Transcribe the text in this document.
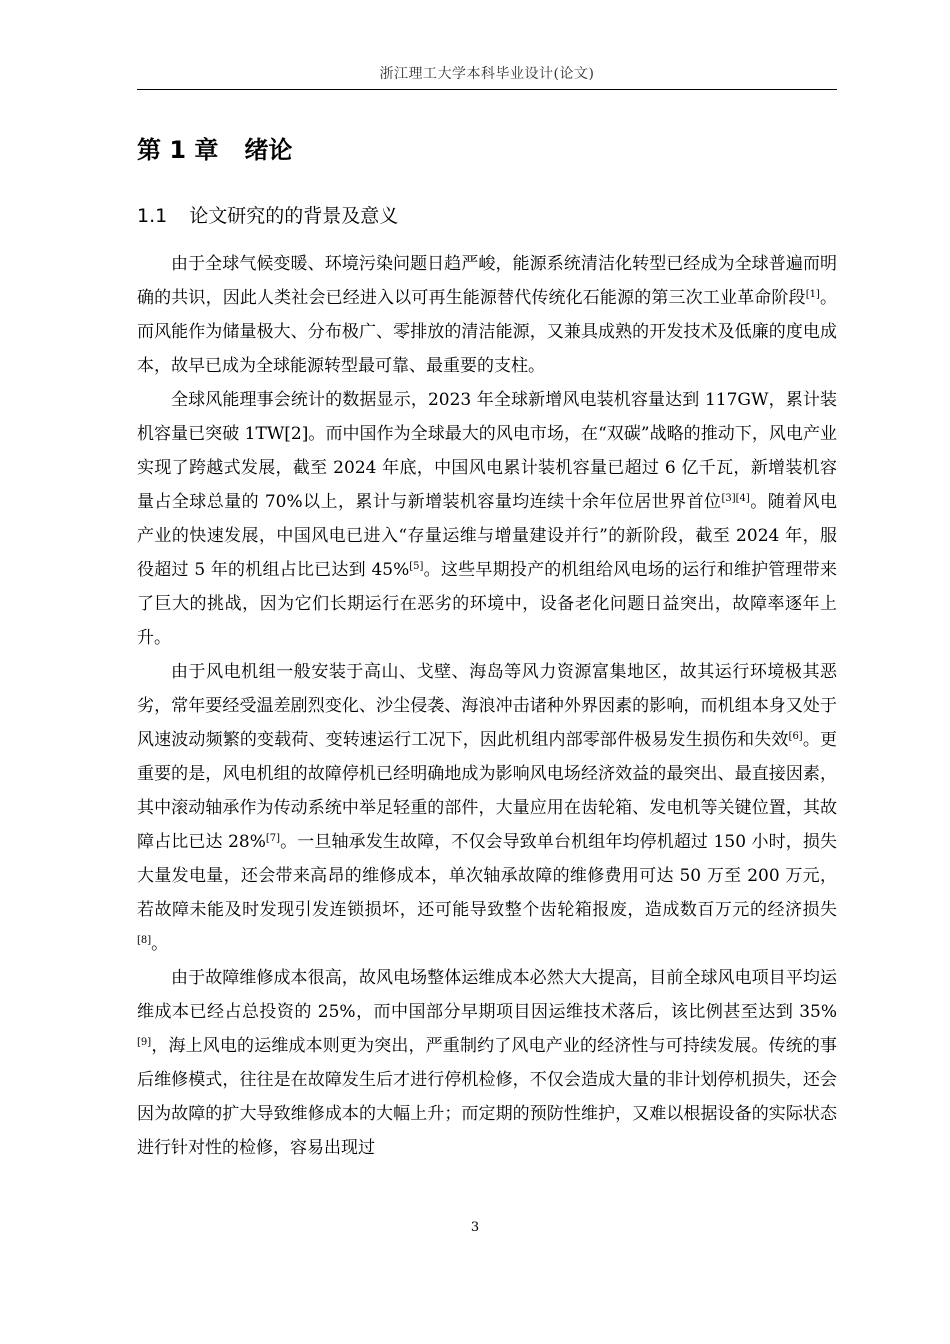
浙江理工大学本科毕业设计(论文)
第 1 章 绪论
1.1 论文研究的的背景及意义

由于全球气候变暖、环境污染问题日趋严峻，能源系统清洁化转型已经成为全球普遍而明确的共识，因此人类社会已经进入以可再生能源替代传统化石能源的第三次工业革命阶段[1]。而风能作为储量极大、分布极广、零排放的清洁能源，又兼具成熟的开发技术及低廉的度电成本，故早已成为全球能源转型最可靠、最重要的支柱。

全球风能理事会统计的数据显示，2023 年全球新增风电装机容量达到 117GW，累计装机容量已突破 1TW[2]。而中国作为全球最大的风电市场，在“双碳”战略的推动下，风电产业实现了跨越式发展，截至 2024 年底，中国风电累计装机容量已超过 6 亿千瓦，新增装机容量占全球总量的 70%以上，累计与新增装机容量均连续十余年位居世界首位[3][4]。随着风电产业的快速发展，中国风电已进入“存量运维与增量建设并行”的新阶段，截至 2024 年，服役超过 5 年的机组占比已达到 45%[5]。这些早期投产的机组给风电场的运行和维护管理带来了巨大的挑战，因为它们长期运行在恶劣的环境中，设备老化问题日益突出，故障率逐年上升。

由于风电机组一般安装于高山、戈壁、海岛等风力资源富集地区，故其运行环境极其恶劣，常年要经受温差剧烈变化、沙尘侵袭、海浪冲击诸种外界因素的影响，而机组本身又处于风速波动频繁的变载荷、变转速运行工况下，因此机组内部零部件极易发生损伤和失效[6]。更重要的是，风电机组的故障停机已经明确地成为影响风电场经济效益的最突出、最直接因素，其中滚动轴承作为传动系统中举足轻重的部件，大量应用在齿轮箱、发电机等关键位置，其故障占比已达 28%[7]。一旦轴承发生故障，不仅会导致单台机组年均停机超过 150 小时，损失大量发电量，还会带来高昂的维修成本，单次轴承故障的维修费用可达 50 万至 200 万元，若故障未能及时发现引发连锁损坏，还可能导致整个齿轮箱报废，造成数百万元的经济损失[8]。

由于故障维修成本很高，故风电场整体运维成本必然大大提高，目前全球风电项目平均运维成本已经占总投资的 25%，而中国部分早期项目因运维技术落后，该比例甚至达到 35%[9]，海上风电的运维成本则更为突出，严重制约了风电产业的经济性与可持续发展。传统的事后维修模式，往往是在故障发生后才进行停机检修，不仅会造成大量的非计划停机损失，还会因为故障的扩大导致维修成本的大幅上升；而定期的预防性维护，又难以根据设备的实际状态进行针对性的检修，容易出现过

3
